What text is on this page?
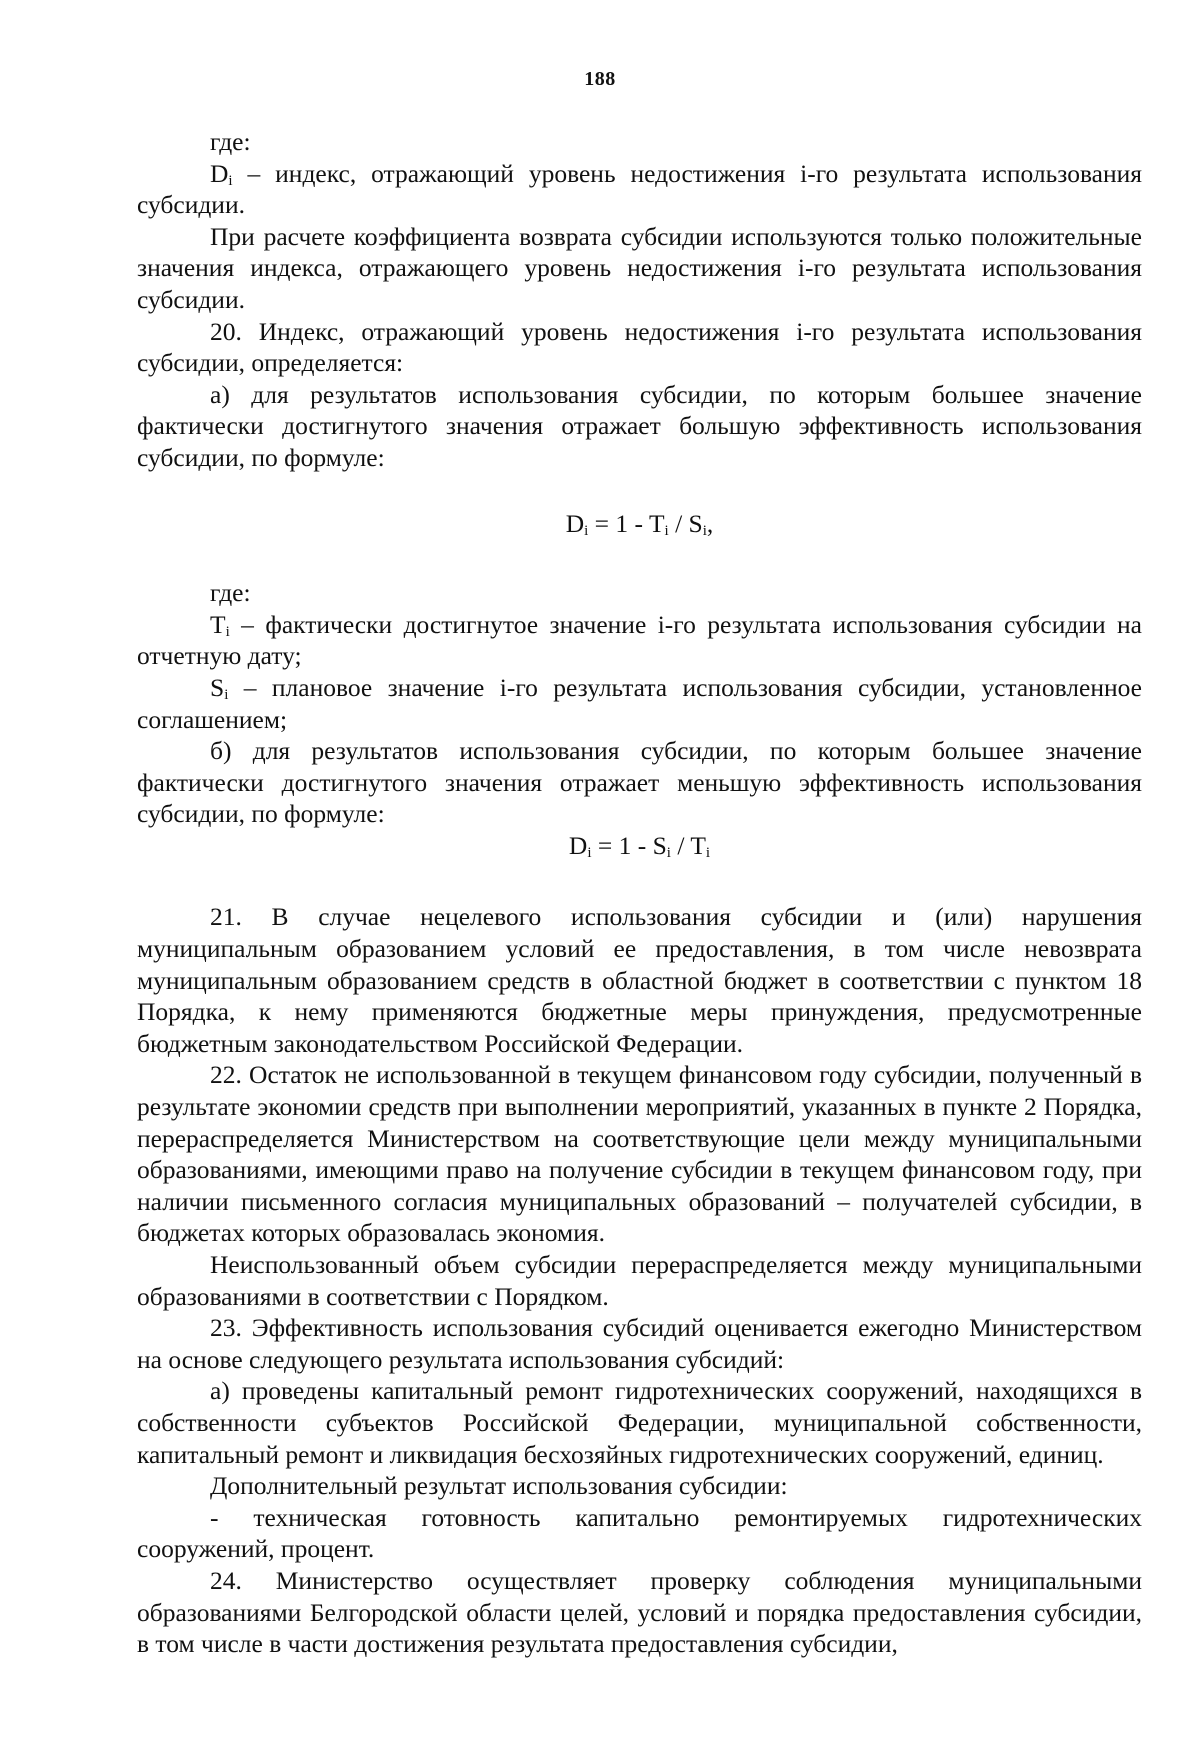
188

где:

$D_i$ – индекс, отражающий уровень недостижения i-го результата использования субсидии.

При расчете коэффициента возврата субсидии используются только положительные значения индекса, отражающего уровень недостижения i-го результата использования субсидии.

20. Индекс, отражающий уровень недостижения i-го результата использования субсидии, определяется:

а) для результатов использования субсидии, по которым большее значение фактически достигнутого значения отражает большую эффективность использования субсидии, по формуле:

$D_i = 1 - T_i / S_i$,

где:

$T_i$ – фактически достигнутое значение i-го результата использования субсидии на отчетную дату;

$S_i$ – плановое значение i-го результата использования субсидии, установленное соглашением;

б) для результатов использования субсидии, по которым большее значение фактически достигнутого значения отражает меньшую эффективность использования субсидии, по формуле:

$D_i = 1 - S_i / T_i$

21. В случае нецелевого использования субсидии и (или) нарушения муниципальным образованием условий ее предоставления, в том числе невозврата муниципальным образованием средств в областной бюджет в соответствии с пунктом 18 Порядка, к нему применяются бюджетные меры принуждения, предусмотренные бюджетным законодательством Российской Федерации.

22. Остаток не использованной в текущем финансовом году субсидии, полученный в результате экономии средств при выполнении мероприятий, указанных в пункте 2 Порядка, перераспределяется Министерством на соответствующие цели между муниципальными образованиями, имеющими право на получение субсидии в текущем финансовом году, при наличии письменного согласия муниципальных образований – получателей субсидии, в бюджетах которых образовалась экономия.

Неиспользованный объем субсидии перераспределяется между муниципальными образованиями в соответствии с Порядком.

23. Эффективность использования субсидий оценивается ежегодно Министерством на основе следующего результата использования субсидий:

а) проведены капитальный ремонт гидротехнических сооружений, находящихся в собственности субъектов Российской Федерации, муниципальной собственности, капитальный ремонт и ликвидация бесхозяйных гидротехнических сооружений, единиц.

Дополнительный результат использования субсидии:

- техническая готовность капитально ремонтируемых гидротехнических сооружений, процент.

24. Министерство осуществляет проверку соблюдения муниципальными образованиями Белгородской области целей, условий и порядка предоставления субсидии, в том числе в части достижения результата предоставления субсидии,
